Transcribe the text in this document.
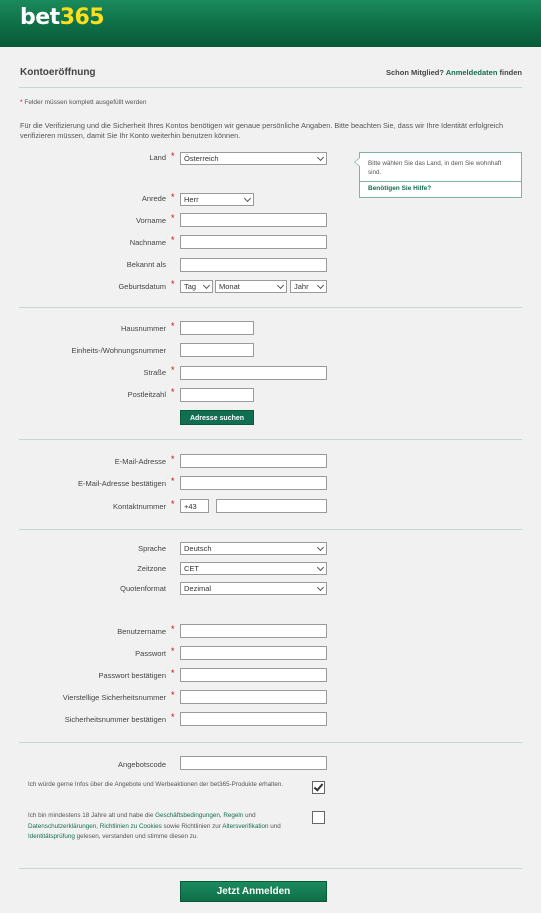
bet365
Kontoeröffnung	Schon Mitglied? Anmeldedaten finden
* Felder müssen komplett ausgefüllt werden
Für die Verifizierung und die Sicherheit Ihres Kontos benötigen wir genaue persönliche Angaben. Bitte beachten Sie, dass wir Ihre Identität erfolgreich verifizieren müssen, damit Sie Ihr Konto weiterhin benutzen können.
Land *	Österreich
Bitte wählen Sie das Land, in dem Sie wohnhaft sind.
Benötigen Sie Hilfe?
Anrede *	Herr
Vorname *
Nachname *
Bekannt als
Geburtsdatum *	Tag	Monat	Jahr
Hausnummer *
Einheits-/Wohnungsnummer
Straße *
Postleitzahl *
Adresse suchen
E-Mail-Adresse *
E-Mail-Adresse bestätigen *
Kontaktnummer *	+43
Sprache	Deutsch
Zeitzone	CET
Quotenformat	Dezimal
Benutzername *
Passwort *
Passwort bestätigen *
Vierstellige Sicherheitsnummer *
Sicherheitsnummer bestätigen *
Angebotscode
Ich würde gerne Infos über die Angebote und Werbeaktionen der bet365-Produkte erhalten.
Ich bin mindestens 18 Jahre alt und habe die Geschäftsbedingungen, Regeln und Datenschutzerklärungen, Richtlinien zu Cookies sowie Richtlinien zur Altersverifikation und Identitätsprüfung gelesen, verstanden und stimme diesen zu.
Jetzt Anmelden
